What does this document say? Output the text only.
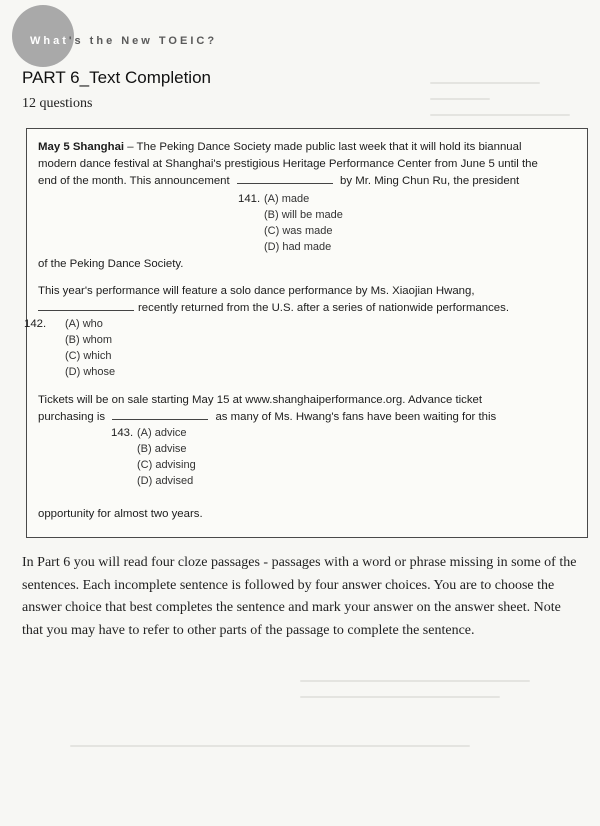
What's the New TOEIC?
PART 6_Text Completion
12 questions
May 5 Shanghai – The Peking Dance Society made public last week that it will hold its biannual
modern dance festival at Shanghai's prestigious Heritage Performance Center from June 5 until the
end of the month. This announcement	by Mr. Ming Chun Ru, the president
141. (A) made
(B) will be made
(C) was made
(D) had made
of the Peking Dance Society.
This year's performance will feature a solo dance performance by Ms. Xiaojian Hwang,
recently returned from the U.S. after a series of nationwide performances.
142. (A) who
(B) whom
(C) which
(D) whose
Tickets will be on sale starting May 15 at www.shanghaiperformance.org. Advance ticket
purchasing is	as many of Ms. Hwang's fans have been waiting for this
143. (A) advice
(B) advise
(C) advising
(D) advised
opportunity for almost two years.
In Part 6 you will read four cloze passages - passages with a word or phrase missing in some of the sentences. Each incomplete sentence is followed by four answer choices. You are to choose the answer choice that best completes the sentence and mark your answer on the answer sheet. Note that you may have to refer to other parts of the passage to complete the sentence.
